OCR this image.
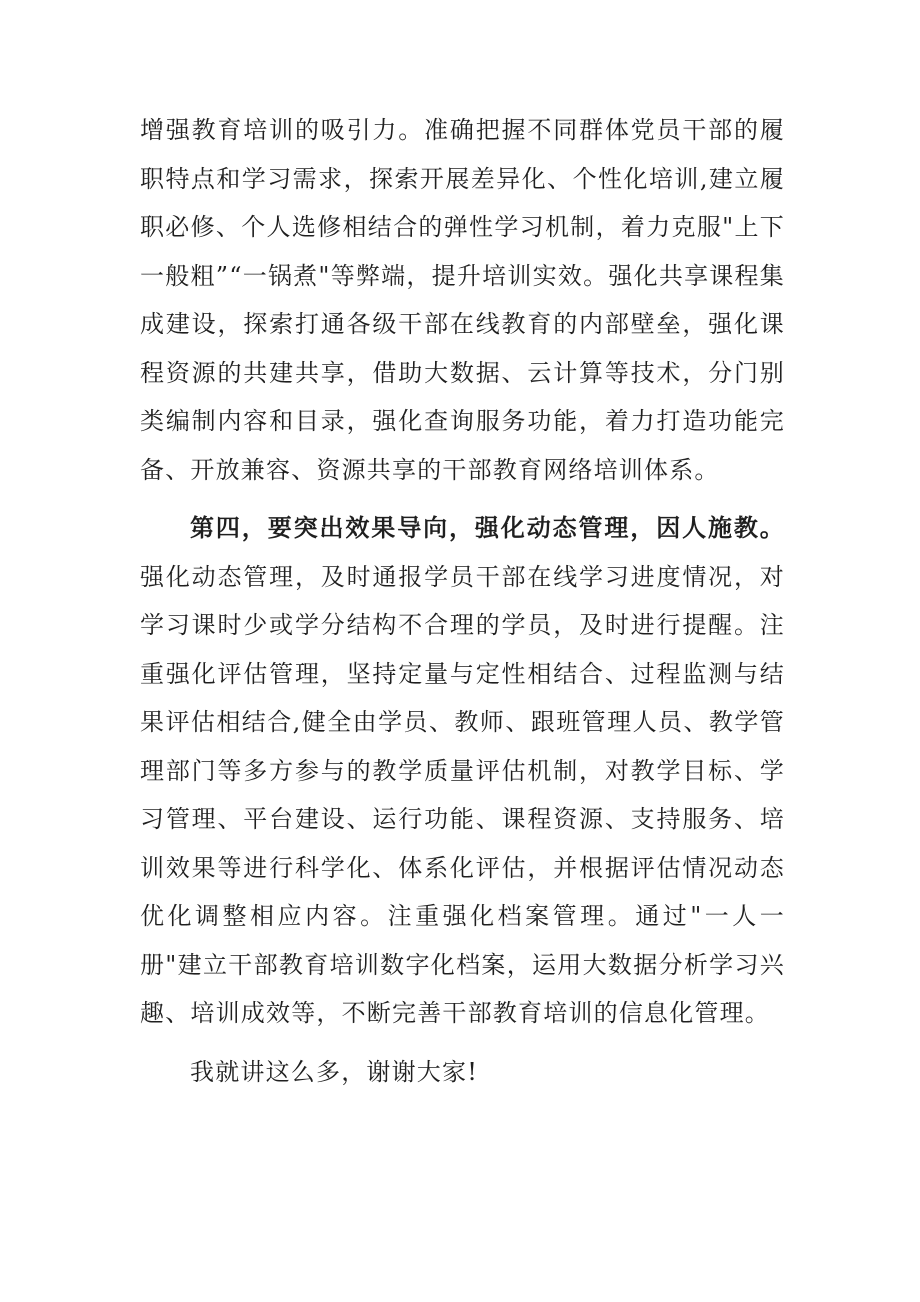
增强教育培训的吸引力。准确把握不同群体党员干部的履职特点和学习需求，探索开展差异化、个性化培训,建立履职必修、个人选修相结合的弹性学习机制，着力克服"上下一般粗”“一锅煮"等弊端，提升培训实效。强化共享课程集成建设，探索打通各级干部在线教育的内部壁垒，强化课程资源的共建共享，借助大数据、云计算等技术，分门别类编制内容和目录，强化查询服务功能，着力打造功能完备、开放兼容、资源共享的干部教育网络培训体系。

第四，要突出效果导向，强化动态管理，因人施教。强化动态管理，及时通报学员干部在线学习进度情况，对学习课时少或学分结构不合理的学员，及时进行提醒。注重强化评估管理，坚持定量与定性相结合、过程监测与结果评估相结合,健全由学员、教师、跟班管理人员、教学管理部门等多方参与的教学质量评估机制，对教学目标、学习管理、平台建设、运行功能、课程资源、支持服务、培训效果等进行科学化、体系化评估，并根据评估情况动态优化调整相应内容。注重强化档案管理。通过"一人一册"建立干部教育培训数字化档案，运用大数据分析学习兴趣、培训成效等，不断完善干部教育培训的信息化管理。

我就讲这么多，谢谢大家!
